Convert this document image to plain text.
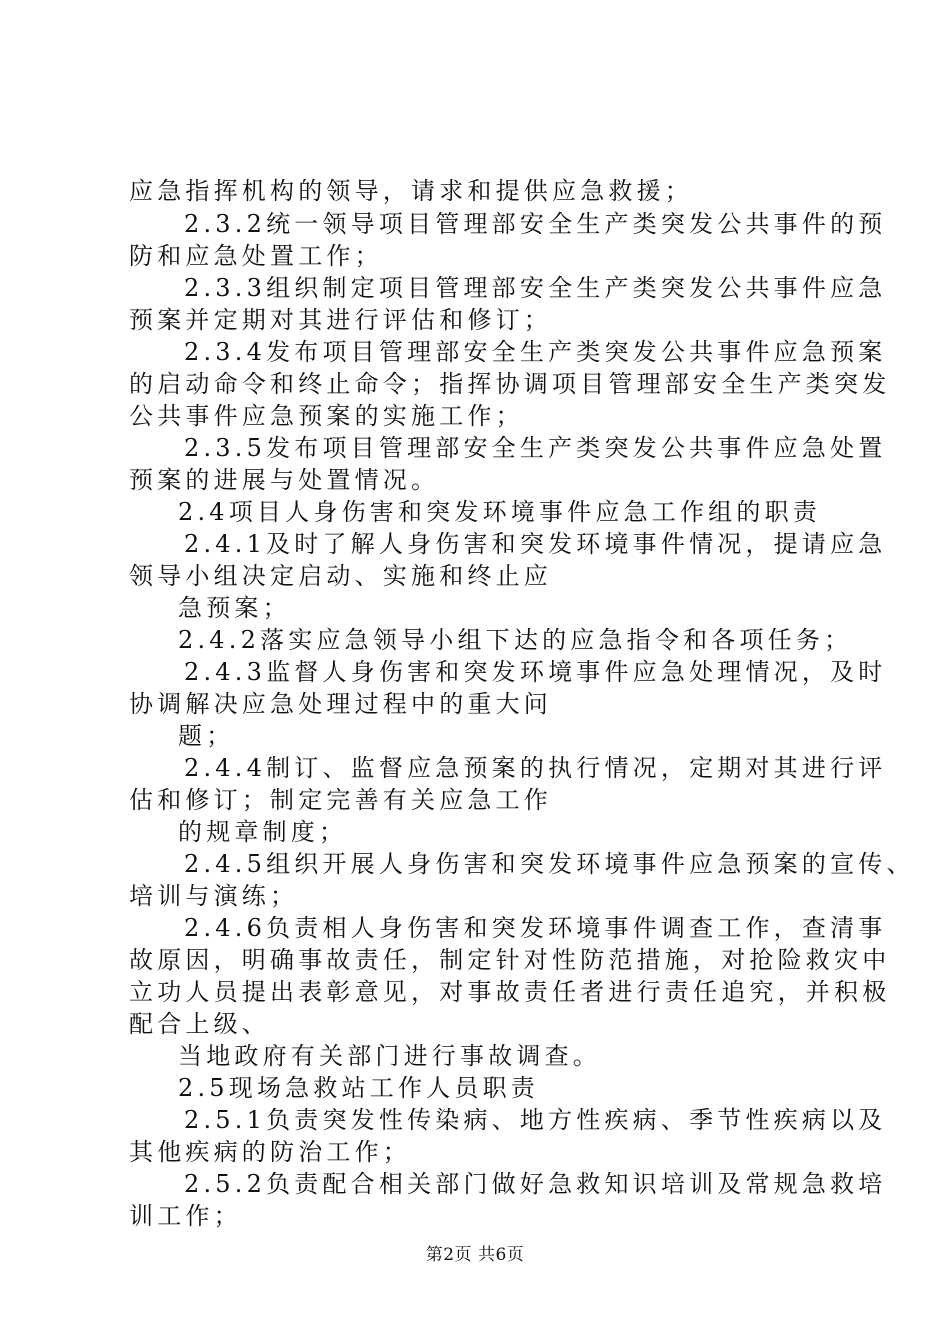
应急指挥机构的领导，请求和提供应急救援；
2.3.2统一领导项目管理部安全生产类突发公共事件的预
防和应急处置工作；
2.3.3组织制定项目管理部安全生产类突发公共事件应急
预案并定期对其进行评估和修订；
2.3.4发布项目管理部安全生产类突发公共事件应急预案
的启动命令和终止命令；指挥协调项目管理部安全生产类突发
公共事件应急预案的实施工作；
2.3.5发布项目管理部安全生产类突发公共事件应急处置
预案的进展与处置情况。
2.4项目人身伤害和突发环境事件应急工作组的职责
2.4.1及时了解人身伤害和突发环境事件情况，提请应急
领导小组决定启动、实施和终止应
急预案；
2.4.2落实应急领导小组下达的应急指令和各项任务；
2.4.3监督人身伤害和突发环境事件应急处理情况，及时
协调解决应急处理过程中的重大问
题；
2.4.4制订、监督应急预案的执行情况，定期对其进行评
估和修订；制定完善有关应急工作
的规章制度；
2.4.5组织开展人身伤害和突发环境事件应急预案的宣传、
培训与演练；
2.4.6负责相人身伤害和突发环境事件调查工作，查清事
故原因，明确事故责任，制定针对性防范措施，对抢险救灾中
立功人员提出表彰意见，对事故责任者进行责任追究，并积极
配合上级、
当地政府有关部门进行事故调查。
2.5现场急救站工作人员职责
2.5.1负责突发性传染病、地方性疾病、季节性疾病以及
其他疾病的防治工作；
2.5.2负责配合相关部门做好急救知识培训及常规急救培
训工作；
第2页 共6页
